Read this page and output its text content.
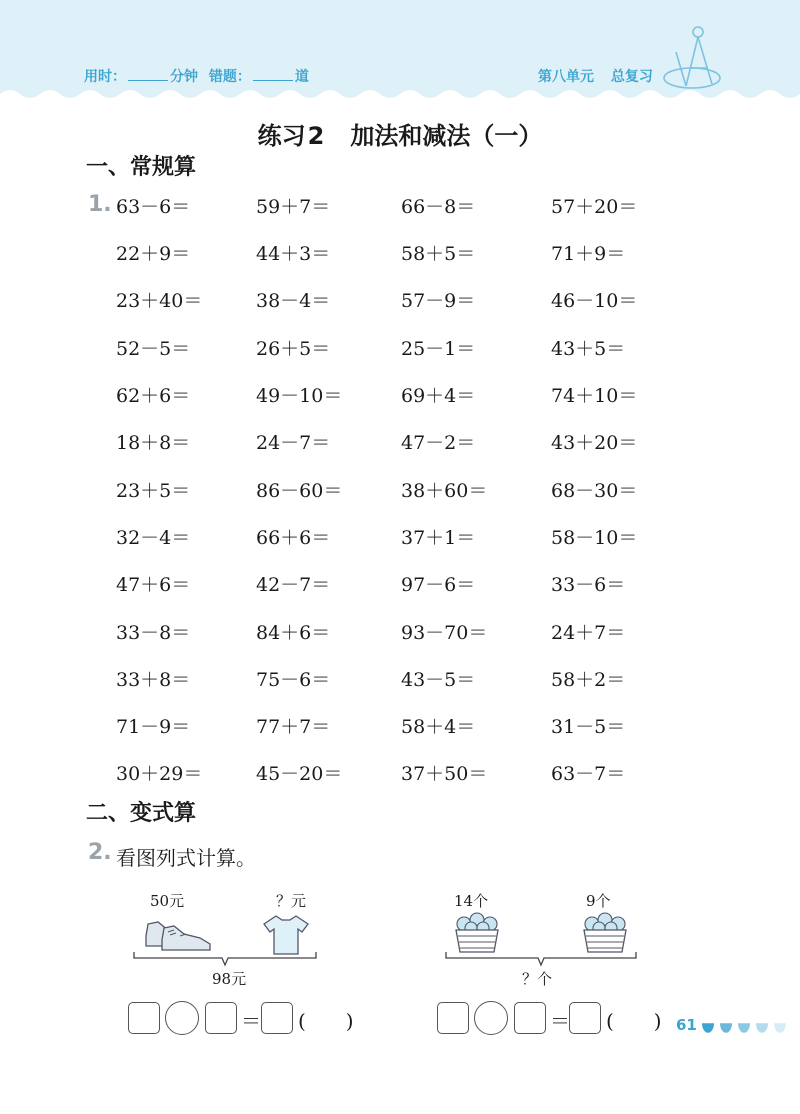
用时：	分钟 错题：	道	第八单元 总复习
练习2 加法和减法（一）
一、常规算
1. 63－6＝	59＋7＝	66－8＝	57＋20＝
22＋9＝	44＋3＝	58＋5＝	71＋9＝
23＋40＝	38－4＝	57－9＝	46－10＝
52－5＝	26＋5＝	25－1＝	43＋5＝
62＋6＝	49－10＝	69＋4＝	74＋10＝
18＋8＝	24－7＝	47－2＝	43＋20＝
23＋5＝	86－60＝	38＋60＝	68－30＝
32－4＝	66＋6＝	37＋1＝	58－10＝
47＋6＝	42－7＝	97－6＝	33－6＝
33－8＝	84＋6＝	93－70＝	24＋7＝
33＋8＝	75－6＝	43－5＝	58＋2＝
71－9＝	77＋7＝	58＋4＝	31－5＝
30＋29＝	45－20＝	37＋50＝	63－7＝
二、变式算
2. 看图列式计算。
50元	？元
98元
＝ (　　)
14个	9个
？个
＝ (　　) 61
